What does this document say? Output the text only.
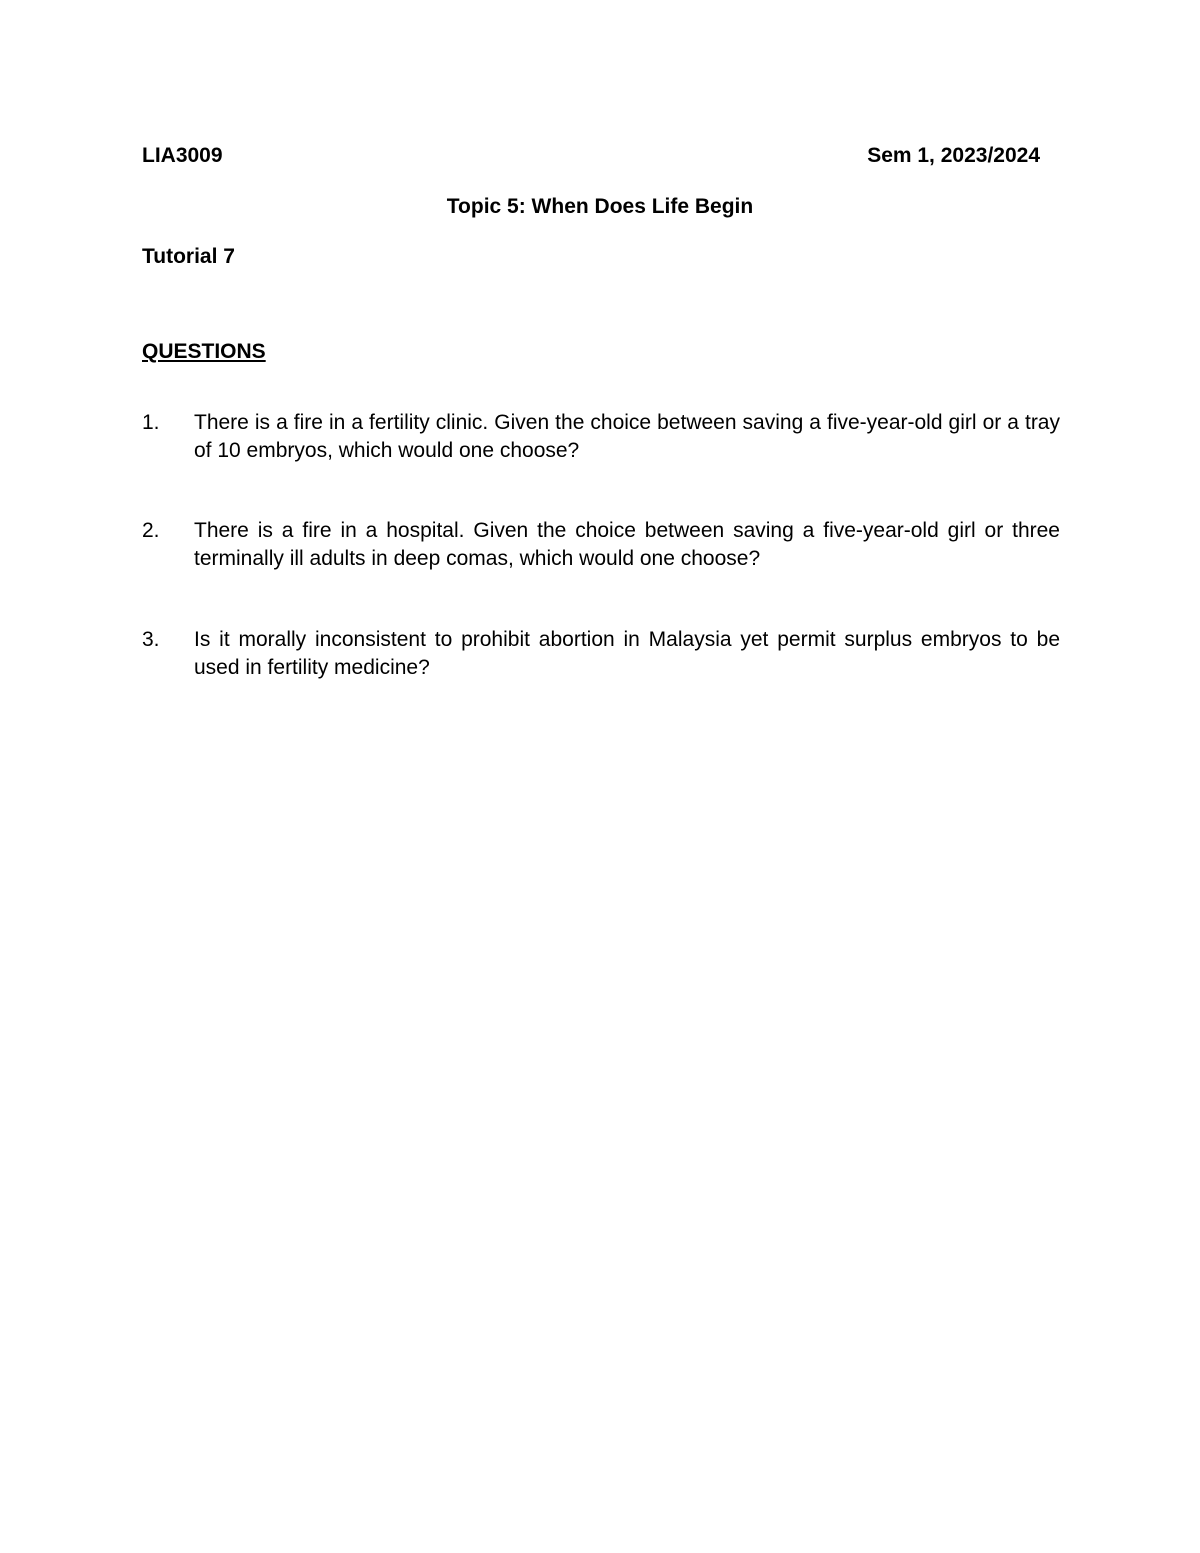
LIA3009	Sem 1, 2023/2024
Topic 5: When Does Life Begin
Tutorial 7
QUESTIONS
1. There is a fire in a fertility clinic. Given the choice between saving a five-year-old girl or a tray of 10 embryos, which would one choose?
2. There is a fire in a hospital. Given the choice between saving a five-year-old girl or three terminally ill adults in deep comas, which would one choose?
3. Is it morally inconsistent to prohibit abortion in Malaysia yet permit surplus embryos to be used in fertility medicine?
